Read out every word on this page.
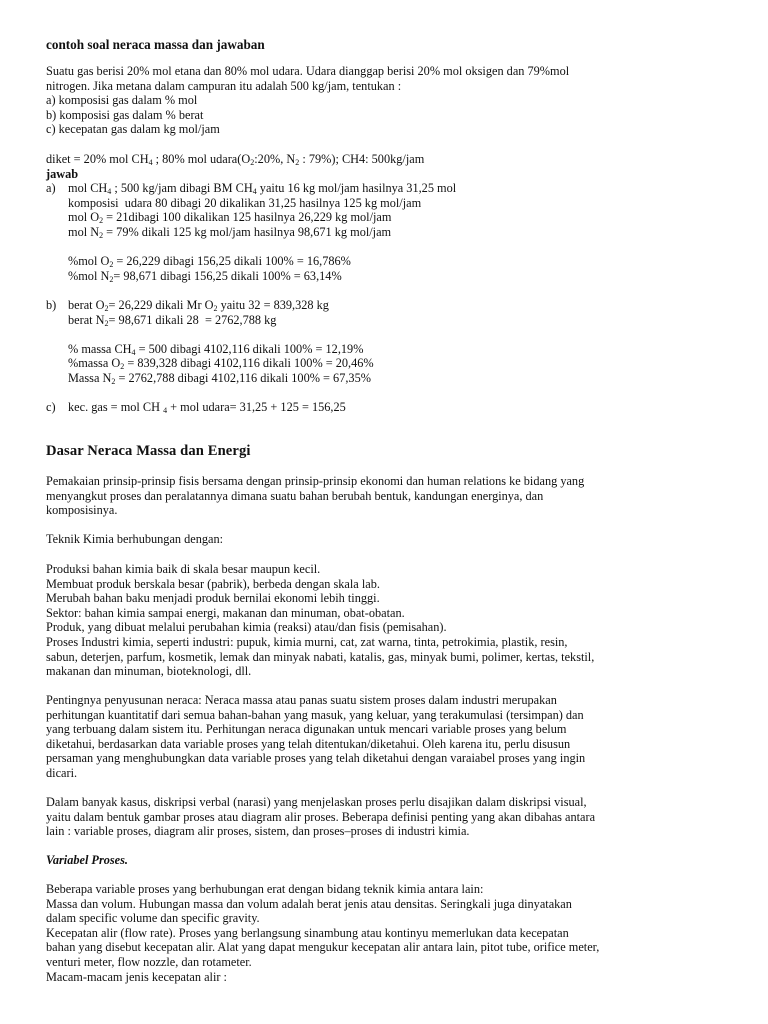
contoh soal neraca massa dan jawaban
Suatu gas berisi 20% mol etana dan 80% mol udara. Udara dianggap berisi 20% mol oksigen dan 79%mol
nitrogen. Jika metana dalam campuran itu adalah 500 kg/jam, tentukan :
a) komposisi gas dalam % mol
b) komposisi gas dalam % berat
c) kecepatan gas dalam kg mol/jam
diket = 20% mol $CH_4$ ; 80% mol $udara(O_2:20\%$, $N_2$ : 79%); CH4: 500kg/jam
jawab
a)	mol $CH_4$ ; 500 kg/jam dibagi BM $CH_4$ yaitu 16 kg mol/jam hasilnya 31,25 mol
komposisi  udara 80 dibagi 20 dikalikan 31,25 hasilnya 125 kg mol/jam
mol $O_2$ = 21dibagi 100 dikalikan 125 hasilnya 26,229 kg mol/jam
mol $N_2 = 79\%$ dikali 125 kg mol/jam hasilnya 98,671 kg mol/jam

%mol $O_2 = 26,229$ dibagi 156,25 dikali 100% = 16,786%
%mol $N_2= 98,671$ dibagi 156,25 dikali 100% = 63,14%

b) berat $O_2= 26,229$ dikali Mr $O_2$ yaitu 32 = 839,328 kg
berat $N_2= 98,671$ dikali 28  = 2762,788 kg

% massa $CH_4 = 500$ dibagi 4102,116 dikali 100% = 12,19%
%massa $O_2 = 839,328$ dibagi 4102,116 dikali 100% = 20,46%
Massa $N_2 = 2762,788$ dibagi 4102,116 dikali 100% = 67,35%

c)	kec. gas = mol CH $_4$ + mol udara= 31,25 + 125 = 156,25
Dasar Neraca Massa dan Energi
Pemakaian prinsip-prinsip fisis bersama dengan prinsip-prinsip ekonomi dan human relations ke bidang yang
menyangkut proses dan peralatannya dimana suatu bahan berubah bentuk, kandungan energinya, dan
komposisinya.
Teknik Kimia berhubungan dengan:
Produksi bahan kimia baik di skala besar maupun kecil.
Membuat produk berskala besar (pabrik), berbeda dengan skala lab.
Merubah bahan baku menjadi produk bernilai ekonomi lebih tinggi.
Sektor: bahan kimia sampai energi, makanan dan minuman, obat-obatan.
Produk, yang dibuat melalui perubahan kimia (reaksi) atau/dan fisis (pemisahan).
Proses Industri kimia, seperti industri: pupuk, kimia murni, cat, zat warna, tinta, petrokimia, plastik, resin,
sabun, deterjen, parfum, kosmetik, lemak dan minyak nabati, katalis, gas, minyak bumi, polimer, kertas, tekstil,
makanan dan minuman, bioteknologi, dll.
Pentingnya penyusunan neraca: Neraca massa atau panas suatu sistem proses dalam industri merupakan
perhitungan kuantitatif dari semua bahan-bahan yang masuk, yang keluar, yang terakumulasi (tersimpan) dan
yang terbuang dalam sistem itu. Perhitungan neraca digunakan untuk mencari variable proses yang belum
diketahui, berdasarkan data variable proses yang telah ditentukan/diketahui. Oleh karena itu, perlu disusun
persaman yang menghubungkan data variable proses yang telah diketahui dengan varaiabel proses yang ingin
dicari.
Dalam banyak kasus, diskripsi verbal (narasi) yang menjelaskan proses perlu disajikan dalam diskripsi visual,
yaitu dalam bentuk gambar proses atau diagram alir proses. Beberapa definisi penting yang akan dibahas antara
lain : variable proses, diagram alir proses, sistem, dan proses–proses di industri kimia.
Variabel Proses.
Beberapa variable proses yang berhubungan erat dengan bidang teknik kimia antara lain:
Massa dan volum. Hubungan massa dan volum adalah berat jenis atau densitas. Seringkali juga dinyatakan
dalam specific volume dan specific gravity.
Kecepatan alir (flow rate). Proses yang berlangsung sinambung atau kontinyu memerlukan data kecepatan
bahan yang disebut kecepatan alir. Alat yang dapat mengukur kecepatan alir antara lain, pitot tube, orifice meter,
venturi meter, flow nozzle, dan rotameter.
Macam-macam jenis kecepatan alir :
